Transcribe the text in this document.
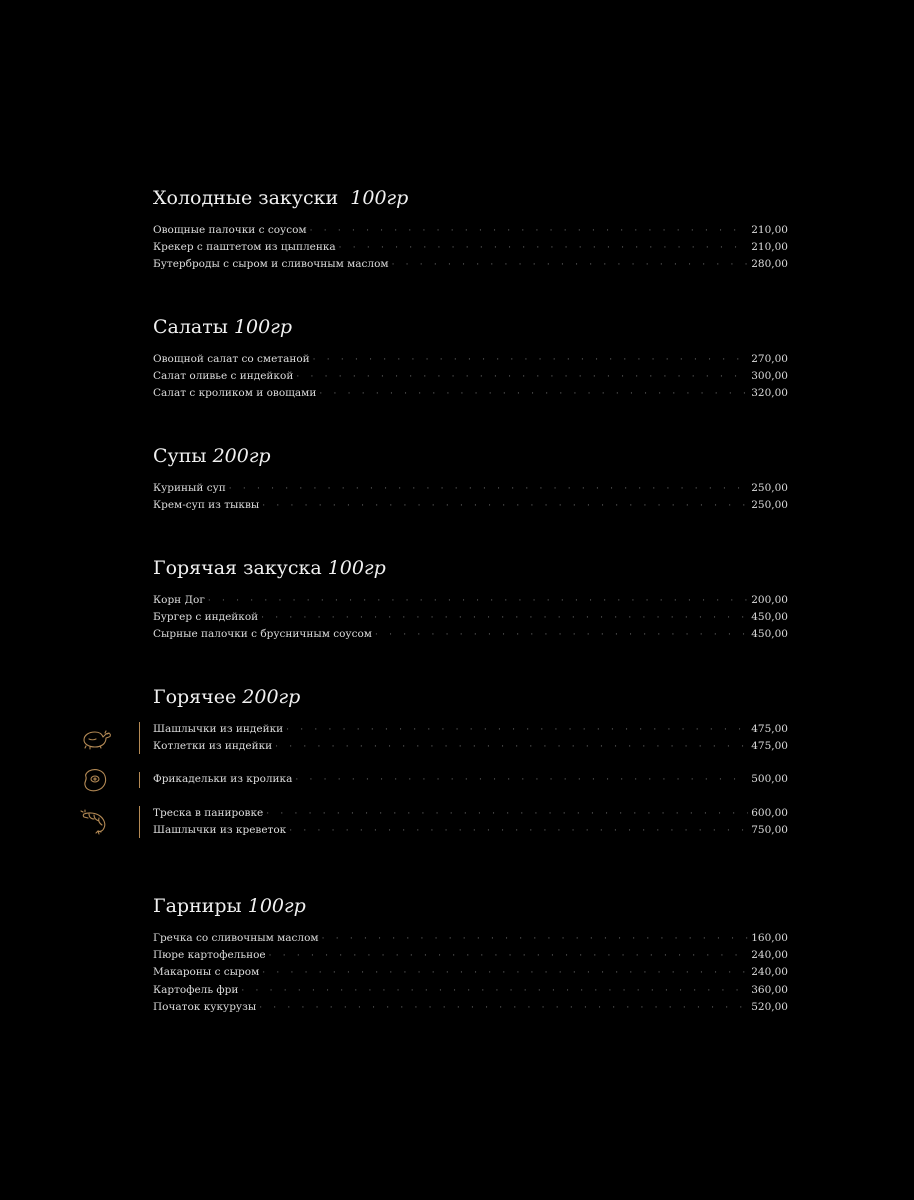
Холодные закуски 100гр
Овощные палочки с соусом · · ·	210,00
Крекер с паштетом из цыпленка · · ·	210,00
Бутерброды с сыром и сливочным маслом · · ·	280,00
Салаты 100гр
Овощной салат со сметаной · · ·	270,00
Салат оливье с индейкой · · ·	300,00
Салат с кроликом и овощами · · ·	320,00
Супы 200гр
Куриный суп · · ·	250,00
Крем-суп из тыквы · · ·	250,00
Горячая закуска 100гр
Корн Дог · · ·	200,00
Бургер с индейкой · · ·	450,00
Сырные палочки с брусничным соусом · · ·	450,00
Горячее 200гр
Шашлычки из индейки · · ·	475,00
Котлетки из индейки · · ·	475,00
Фрикадельки из кролика · · ·	500,00
Треска в панировке · · ·	600,00
Шашлычки из креветок · · ·	750,00
Гарниры 100гр
Гречка со сливочным маслом · · ·	160,00
Пюре картофельное · · ·	240,00
Макароны с сыром · · ·	240,00
Картофель фри · · ·	360,00
Початок кукурузы · · ·	520,00
